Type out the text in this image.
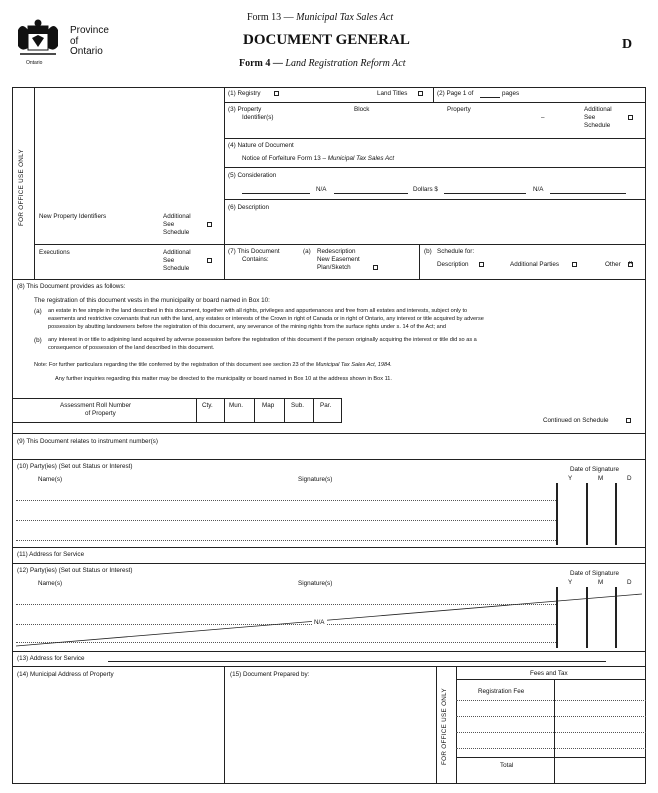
Ontario
Province
of
Ontario
Form 13 — Municipal Tax Sales Act
DOCUMENT GENERAL
Form 4 — Land Registration Reform Act
D
FOR OFFICE USE ONLY New Property Identifiers	Additional
See
Schedule
Executions	Additional
See
Schedule
(1) Registry	Land Titles	(2) Page 1 of	pages
(3) Property
Identifier(s)
Block	Property
–
Additional
See
Schedule
(4) Nature of Document
Notice of Forfeiture Form 13 – Municipal Tax Sales Act
(5) Consideration
N/A	Dollars $	N/A
(6) Description
(7) This Document
Contains:
(a) Redescription
New Easement
Plan/Sketch
(b) Schedule for:
Description	Additional Parties	Other
×
(8) This Document provides as follows:
The registration of this document vests in the municipality or board named in Box 10:
(a) an estate in fee simple in the land described in this document, together with all rights, privileges and appurtenances and free from all estates and interests, subject only to
easements and restrictive covenants that run with the land, any estates or interests of the Crown in right of Canada or in right of Ontario, any interest or title acquired by adverse
possession by abutting landowners before the registration of this document, any severance of the mining rights from the surface rights under s. 14 of the Act; and
(b) any interest in or title to adjoining land acquired by adverse possession before the registration of this document if the person originally acquiring the interest or title did so as a
consequence of possession of the land described in this document.
Note: For further particulars regarding the title conferred by the registration of this document see section 23 of the Municipal Tax Sales Act, 1984.
Any further inquiries regarding this matter may be directed to the municipality or board named in Box 10 at the address shown in Box 11.
Assessment Roll Number
of Property
Cty.	Mun.	Map	Sub.	Par.
Continued on Schedule
(9) This Document relates to instrument number(s)
(10) Party(ies) (Set out Status or Interest)
Name(s)	Signature(s)
Date of Signature
Y	M	D
(11) Address for Service
(12) Party(ies) (Set out Status or Interest)
Name(s)	Signature(s)
Date of Signature
Y	M	D
N/A
(13) Address for Service
(14) Municipal Address of Property	(15) Document Prepared by:
FOR OFFICE USE ONLY
Fees and Tax
Registration Fee
Total
